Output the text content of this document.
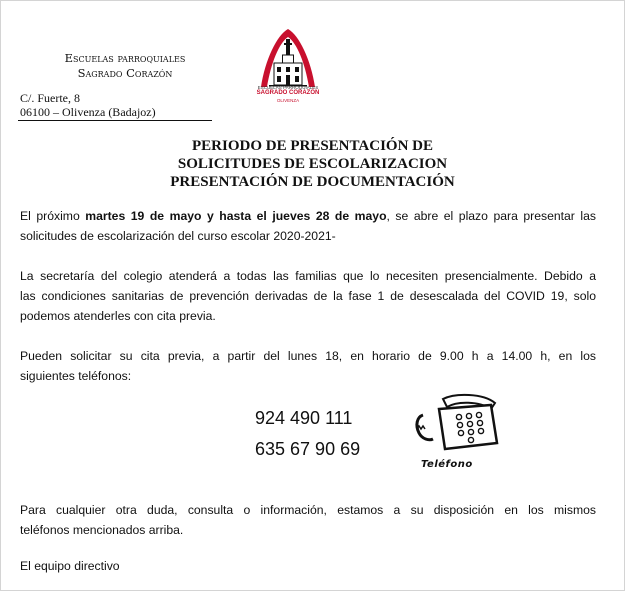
Escuelas parroquiales
Sagrado Corazón
ESCUELAS PARROQUIALES
SAGRADO CORAZÓN
OLIVENZA
C/. Fuerte, 8
06100 – Olivenza (Badajoz)
PERIODO DE PRESENTACIÓN DE
SOLICITUDES DE ESCOLARIZACION
PRESENTACIÓN DE DOCUMENTACIÓN
El próximo martes 19 de mayo y hasta el jueves 28 de mayo, se abre el plazo para presentar las
solicitudes de escolarización del curso escolar 2020-2021-
La secretaría del colegio atenderá a todas las familias que lo necesiten presencialmente. Debido a
las condiciones sanitarias de prevención derivadas de la fase 1 de desescalada del COVID 19, solo
podemos atenderles con cita previa.
Pueden solicitar su cita previa, a partir del lunes 18, en horario de 9.00 h a 14.00 h, en los
siguientes teléfonos:
924 490 111
635 67 90 69
Teléfono
Para cualquier otra duda, consulta o información, estamos a su disposición en los mismos
teléfonos mencionados arriba.
El equipo directivo
